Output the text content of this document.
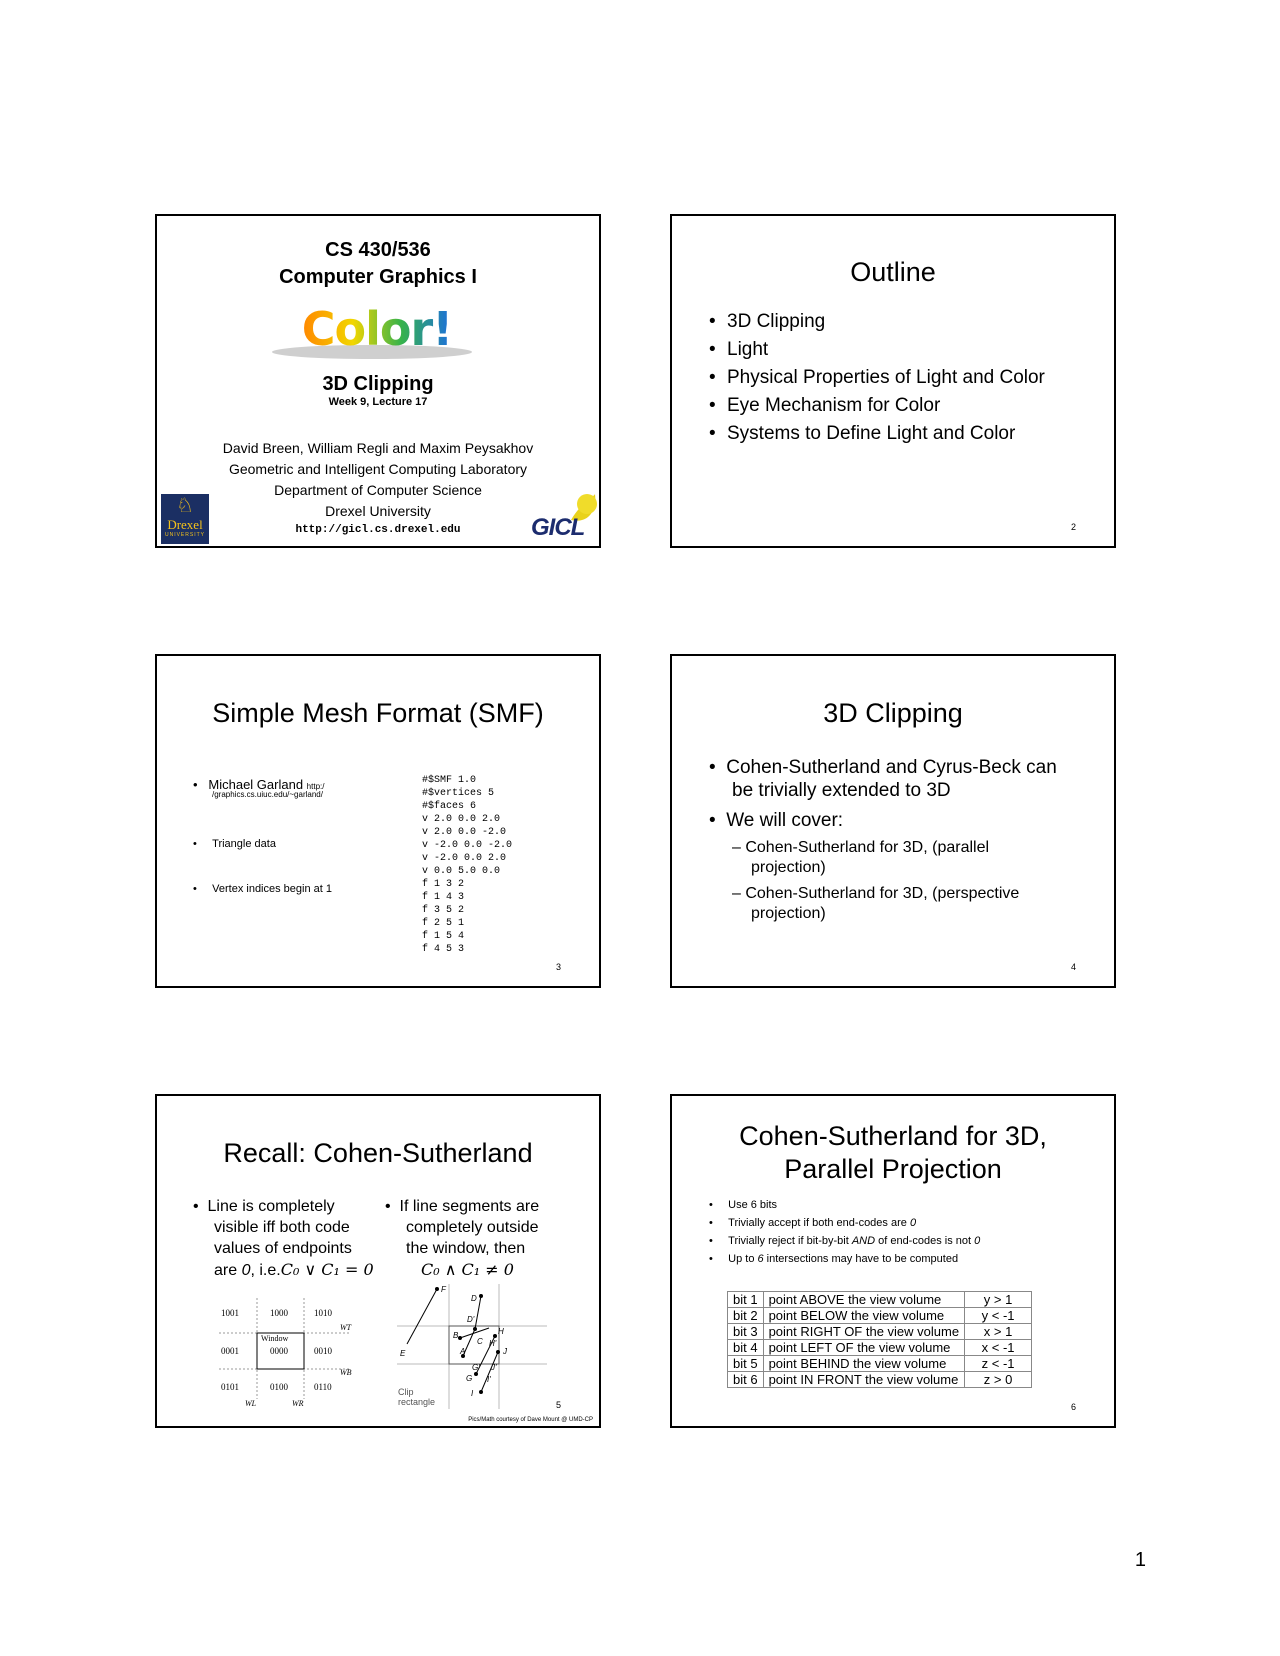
CS 430/536
Computer Graphics I
Color!
3D Clipping
Week 9, Lecture 17
David Breen, William Regli and Maxim Peysakhov
Geometric and Intelligent Computing Laboratory
Department of Computer Science
Drexel University
http://gicl.cs.drexel.edu
♘
Drexel
UNIVERSITY	GICL
Outline
• 3D Clipping
• Light
• Physical Properties of Light and Color
• Eye Mechanism for Color
• Systems to Define Light and Color
2
Simple Mesh Format (SMF)
•   Michael Garland http:/
/graphics.cs.uiuc.edu/~garland/
•     Triangle data
•     Vertex indices begin at 1
#$SMF 1.0
#$vertices 5
#$faces 6
v 2.0 0.0 2.0
v 2.0 0.0 -2.0
v -2.0 0.0 -2.0
v -2.0 0.0 2.0
v 0.0 5.0 0.0
f 1 3 2
f 1 4 3
f 3 5 2
f 2 5 1
f 1 5 4
f 4 5 3
3
3D Clipping
•  Cohen-Sutherland and Cyrus-Beck can
be trivially extended to 3D
•  We will cover:
– Cohen-Sutherland for 3D, (parallel
projection)
– Cohen-Sutherland for 3D, (perspective
projection)
4
Recall: Cohen-Sutherland
•  Line is completely
visible iff both code
values of endpoints
are 0, i.e.C₀ ∨ C₁ = 0
•  If line segments are
completely outside
the window, then
C₀ ∧ C₁ ≠ 0
1001	1000	1010
0001	0000	0010
0101	0100	0110
Window
WT
WB
WL	WR
F
D
D'
H
H'
B
C
J
E	A
G' J'
G I'
I
Clip
rectangle
Pics/Math courtesy of Dave Mount @ UMD-CP
5
Cohen-Sutherland for 3D,
Parallel Projection
•     Use 6 bits
•     Trivially accept if both end-codes are 0
•     Trivially reject if bit-by-bit AND of end-codes is not 0
•     Up to 6 intersections may have to be computed
bit 1	point ABOVE the view volume	y > 1
bit 2	point BELOW the view volume	y < -1
bit 3	point RIGHT OF the view volume	x > 1
bit 4	point LEFT OF the view volume	x < -1
bit 5	point BEHIND the view volume	z < -1
bit 6	point IN FRONT the view volume	z > 0
6
1
